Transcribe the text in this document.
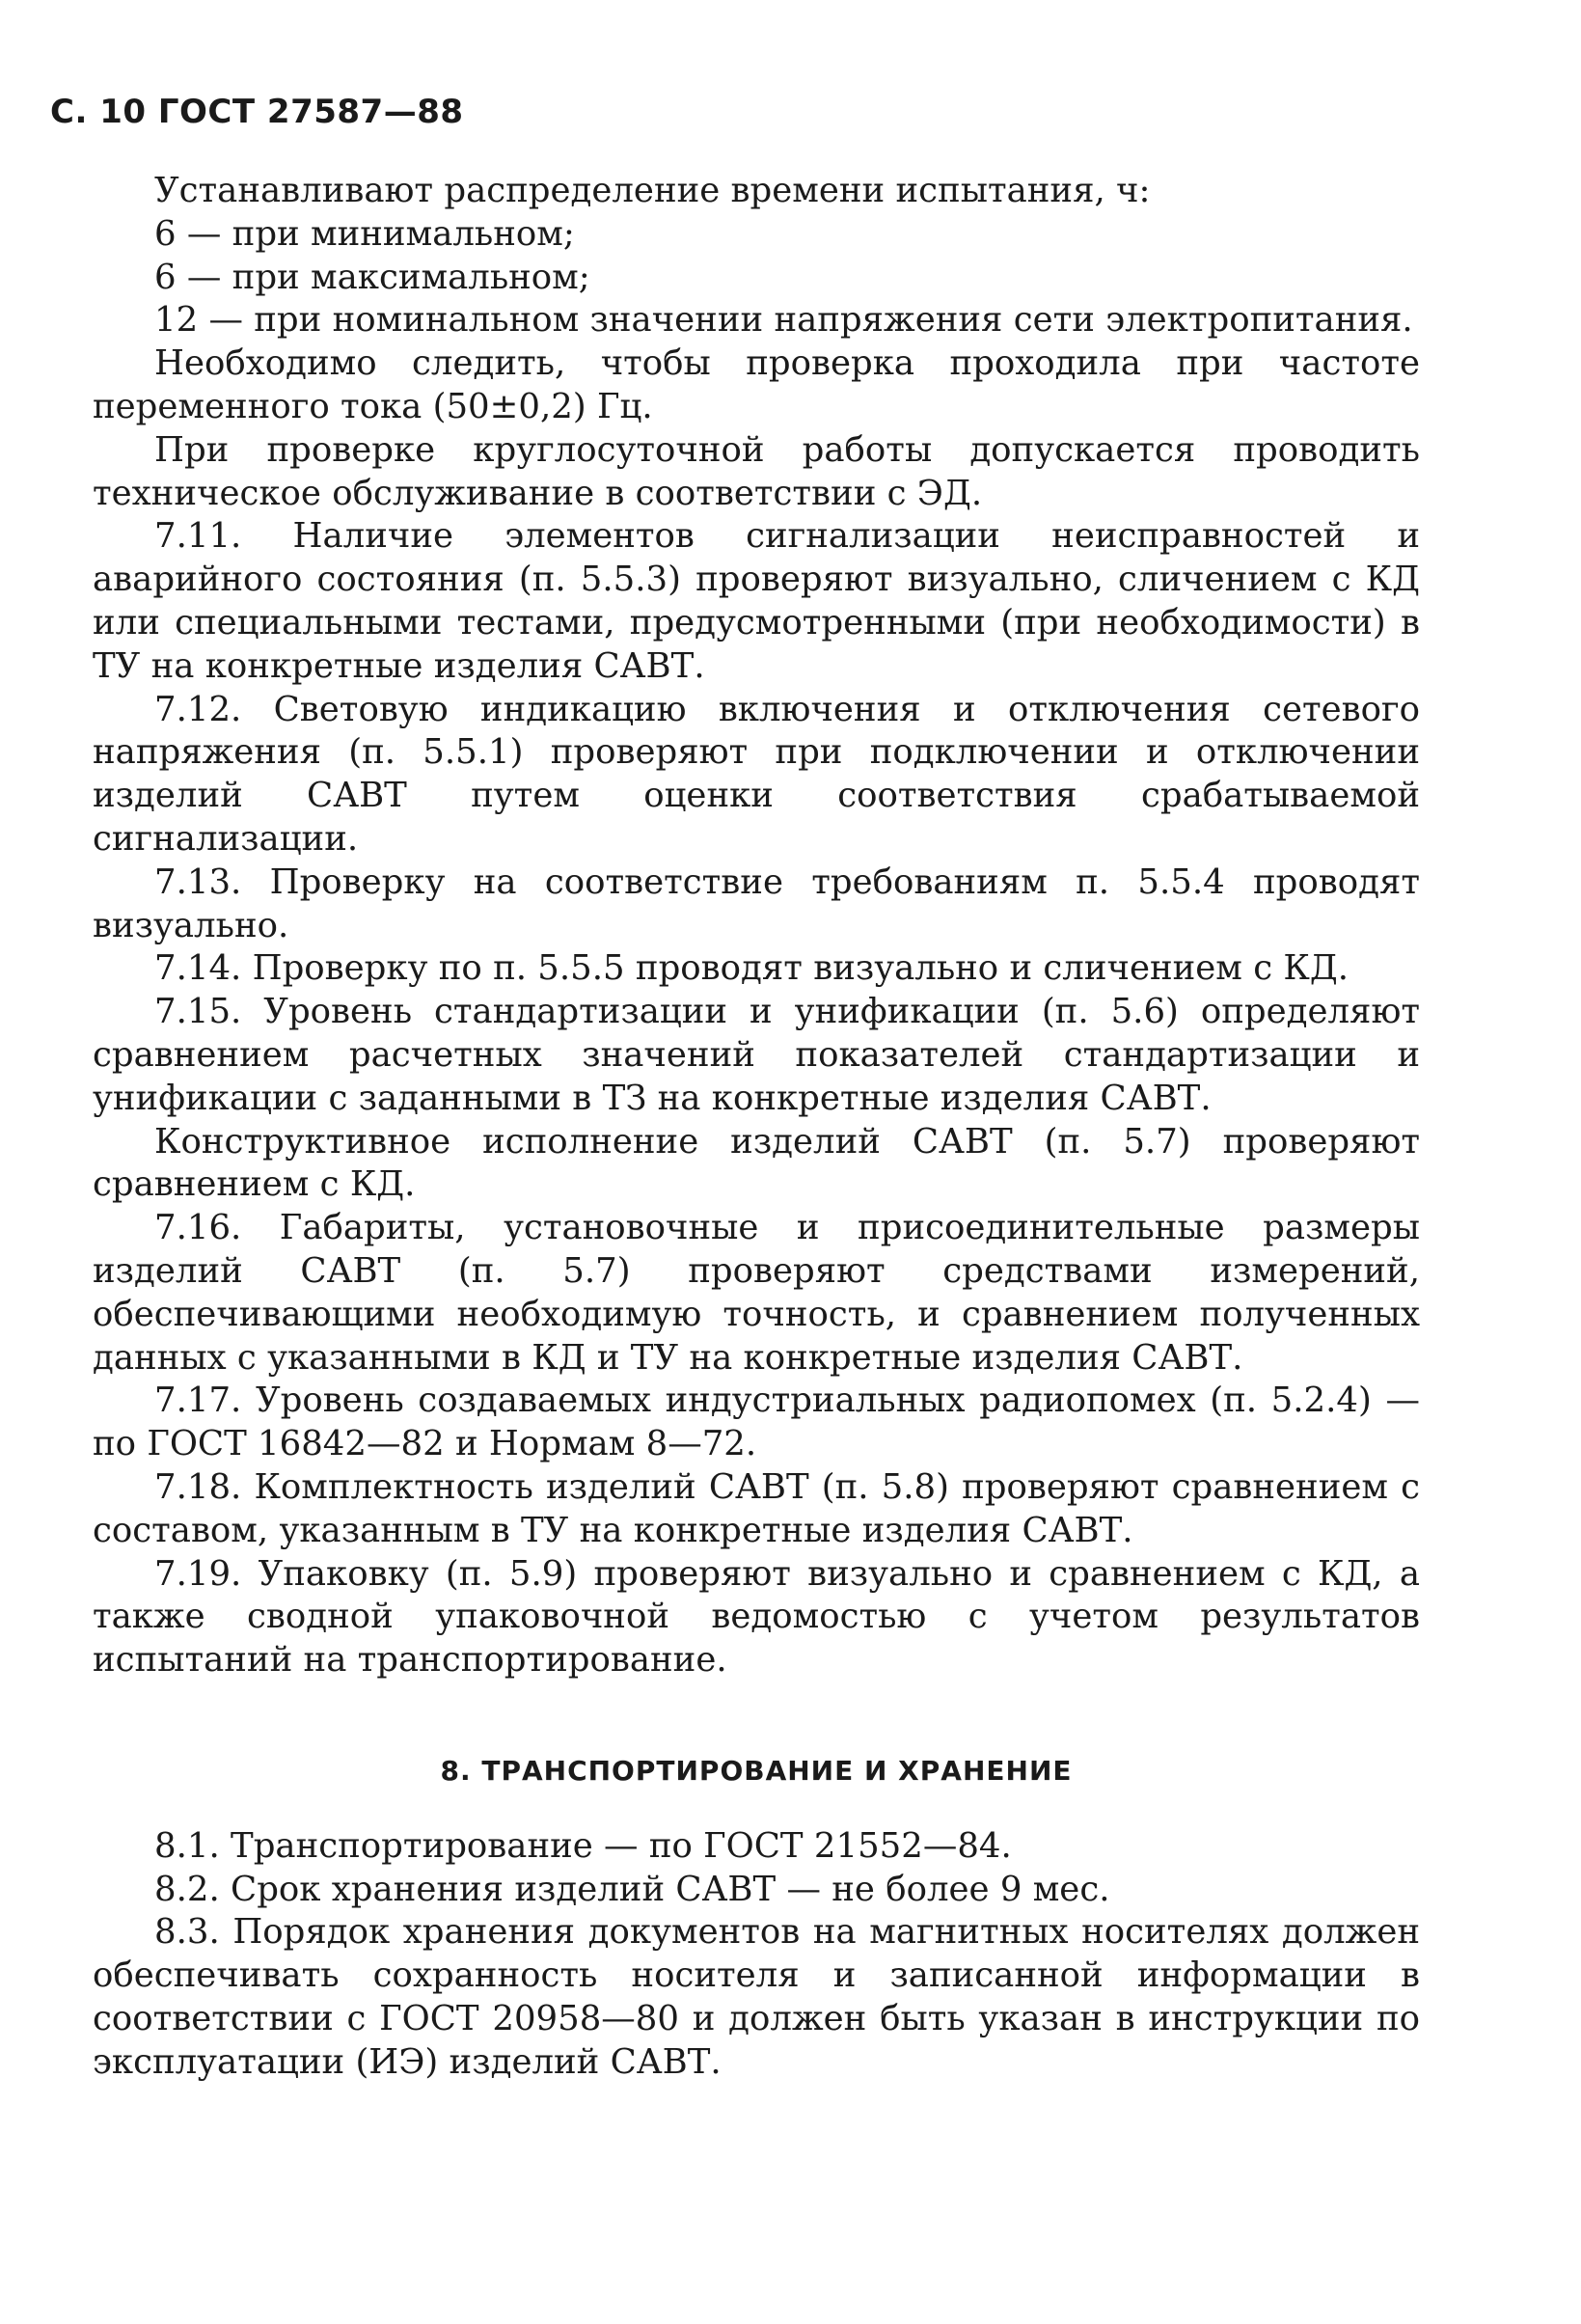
С. 10 ГОСТ 27587—88

Устанавливают распределение времени испытания, ч:

6 — при минимальном;

6 — при максимальном;

12 — при номинальном значении напряжения сети электропитания.

Необходимо следить, чтобы проверка проходила при частоте переменного тока (50±0,2) Гц.

При проверке круглосуточной работы допускается проводить техническое обслуживание в соответствии с ЭД.

7.11. Наличие элементов сигнализации неисправностей и аварийного состояния (п. 5.5.3) проверяют визуально, сличением с КД или специальными тестами, предусмотренными (при необходимости) в ТУ на конкретные изделия САВТ.

7.12. Световую индикацию включения и отключения сетевого напряжения (п. 5.5.1) проверяют при подключении и отключении изделий САВТ путем оценки соответствия срабатываемой сигнализации.

7.13. Проверку на соответствие требованиям п. 5.5.4 проводят визуально.

7.14. Проверку по п. 5.5.5 проводят визуально и сличением с КД.

7.15. Уровень стандартизации и унификации (п. 5.6) определяют сравнением расчетных значений показателей стандартизации и унификации с заданными в ТЗ на конкретные изделия САВТ.

Конструктивное исполнение изделий САВТ (п. 5.7) проверяют сравнением с КД.

7.16. Габариты, установочные и присоединительные размеры изделий САВТ (п. 5.7) проверяют средствами измерений, обеспечивающими необходимую точность, и сравнением полученных данных с указанными в КД и ТУ на конкретные изделия САВТ.

7.17. Уровень создаваемых индустриальных радиопомех (п. 5.2.4) — по ГОСТ 16842—82 и Нормам 8—72.

7.18. Комплектность изделий САВТ (п. 5.8) проверяют сравнением с составом, указанным в ТУ на конкретные изделия САВТ.

7.19. Упаковку (п. 5.9) проверяют визуально и сравнением с КД, а также сводной упаковочной ведомостью с учетом результатов испытаний на транспортирование.

8. ТРАНСПОРТИРОВАНИЕ И ХРАНЕНИЕ

8.1. Транспортирование — по ГОСТ 21552—84.

8.2. Срок хранения изделий САВТ — не более 9 мес.

8.3. Порядок хранения документов на магнитных носителях должен обеспечивать сохранность носителя и записанной информации в соответствии с ГОСТ 20958—80 и должен быть указан в инструкции по эксплуатации (ИЭ) изделий САВТ.
